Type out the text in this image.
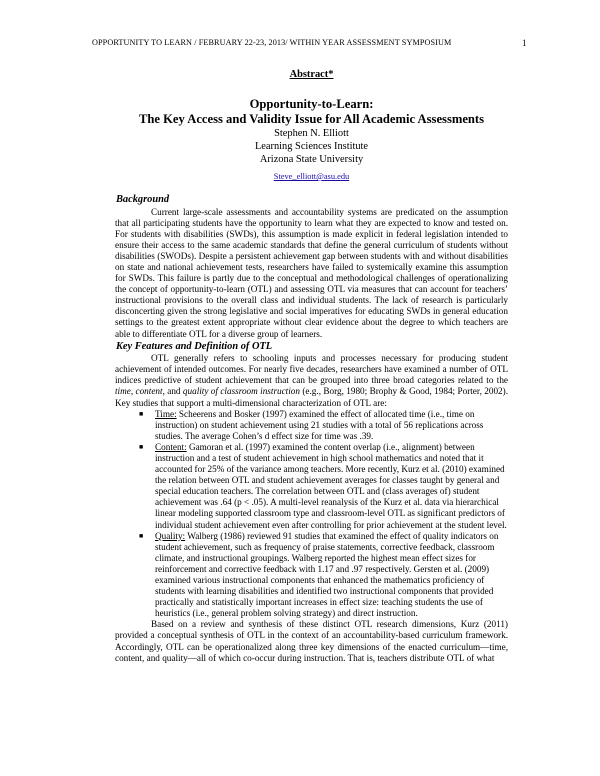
OPPORTUNITY TO LEARN / FEBRUARY 22-23, 2013/ WITHIN YEAR ASSESSMENT SYMPOSIUM	1
Abstract*
Opportunity-to-Learn:
The Key Access and Validity Issue for All Academic Assessments
Stephen N. Elliott
Learning Sciences Institute
Arizona State University
Steve_elliott@asu.edu
Background

Current large-scale assessments and accountability systems are predicated on the assumption that all participating students have the opportunity to learn what they are expected to know and tested on. For students with disabilities (SWDs), this assumption is made explicit in federal legislation intended to ensure their access to the same academic standards that define the general curriculum of students without disabilities (SWODs). Despite a persistent achievement gap between students with and without disabilities on state and national achievement tests, researchers have failed to systemically examine this assumption for SWDs. This failure is partly due to the conceptual and methodological challenges of operationalizing the concept of opportunity-to-learn (OTL) and assessing OTL via measures that can account for teachers’ instructional provisions to the overall class and individual students. The lack of research is particularly disconcerting given the strong legislative and social imperatives for educating SWDs in general education settings to the greatest extent appropriate without clear evidence about the degree to which teachers are able to differentiate OTL for a diverse group of learners.

Key Features and Definition of OTL

OTL generally refers to schooling inputs and processes necessary for producing student achievement of intended outcomes. For nearly five decades, researchers have examined a number of OTL indices predictive of student achievement that can be grouped into three broad categories related to the time, content, and quality of classroom instruction (e.g., Borg, 1980; Brophy & Good, 1984; Porter, 2002). Key studies that support a multi-dimensional characterization of OTL are:

■ Time: Scheerens and Bosker (1997) examined the effect of allocated time (i.e., time on instruction) on student achievement using 21 studies with a total of 56 replications across studies. The average Cohen’s d effect size for time was .39.
■ Content: Gamoran et al. (1997) examined the content overlap (i.e., alignment) between instruction and a test of student achievement in high school mathematics and noted that it accounted for 25% of the variance among teachers. More recently, Kurz et al. (2010) examined the relation between OTL and student achievement averages for classes taught by general and special education teachers. The correlation between OTL and (class averages of) student achievement was .64 (p < .05). A multi-level reanalysis of the Kurz et al. data via hierarchical linear modeling supported classroom type and classroom-level OTL as significant predictors of individual student achievement even after controlling for prior achievement at the student level.
■ Quality: Walberg (1986) reviewed 91 studies that examined the effect of quality indicators on student achievement, such as frequency of praise statements, corrective feedback, classroom climate, and instructional groupings. Walberg reported the highest mean effect sizes for reinforcement and corrective feedback with 1.17 and .97 respectively. Gersten et al. (2009) examined various instructional components that enhanced the mathematics proficiency of students with learning disabilities and identified two instructional components that provided practically and statistically important increases in effect size: teaching students the use of heuristics (i.e., general problem solving strategy) and direct instruction.

Based on a review and synthesis of these distinct OTL research dimensions, Kurz (2011) provided a conceptual synthesis of OTL in the context of an accountability-based curriculum framework. Accordingly, OTL can be operationalized along three key dimensions of the enacted curriculum—time, content, and quality—all of which co-occur during instruction. That is, teachers distribute OTL of what
